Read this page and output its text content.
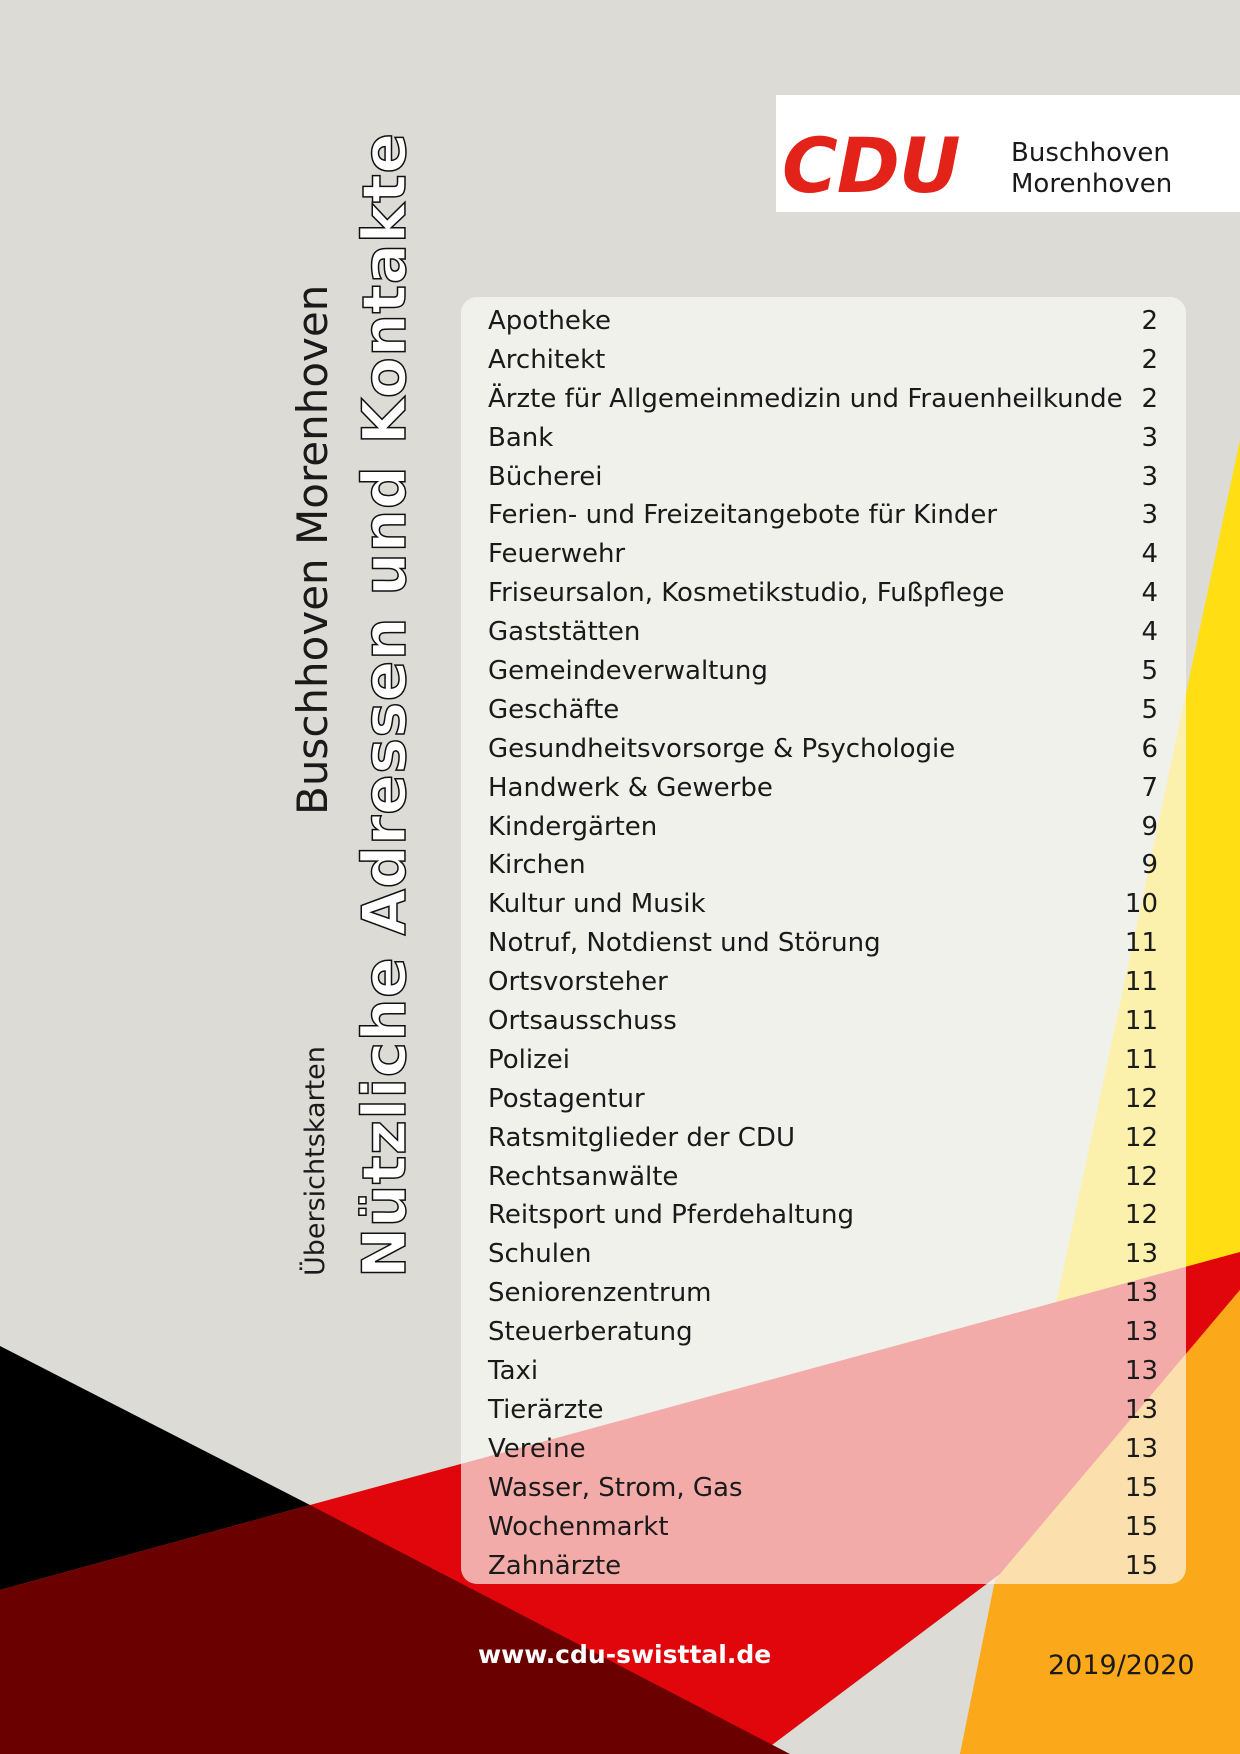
CDU Buschhoven
Morenhoven
Buschhoven Morenhoven
Übersichtskarten Nützliche Adressen und Kontakte	Apotheke	2
Architekt	2
Ärzte für Allgemeinmedizin und Frauenheilkunde 2
Bank	3
Bücherei	3
Ferien- und Freizeitangebote für Kinder	3
Feuerwehr	4
Friseursalon, Kosmetikstudio, Fußpflege	4
Gaststätten	4
Gemeindeverwaltung	5
Geschäfte	5
Gesundheitsvorsorge & Psychologie	6
Handwerk & Gewerbe	7
Kindergärten	9
Kirchen	9
Kultur und Musik	10
Notruf, Notdienst und Störung	11
Ortsvorsteher	11
Ortsausschuss	11
Polizei	11
Postagentur	12
Ratsmitglieder der CDU	12
Rechtsanwälte	12
Reitsport und Pferdehaltung	12
Schulen	13
Seniorenzentrum	13
Steuerberatung	13
Taxi	13
Tierärzte	13
Vereine	13
Wasser, Strom, Gas	15
Wochenmarkt	15
Zahnärzte	15
www.cdu-swisttal.de	2019/2020
